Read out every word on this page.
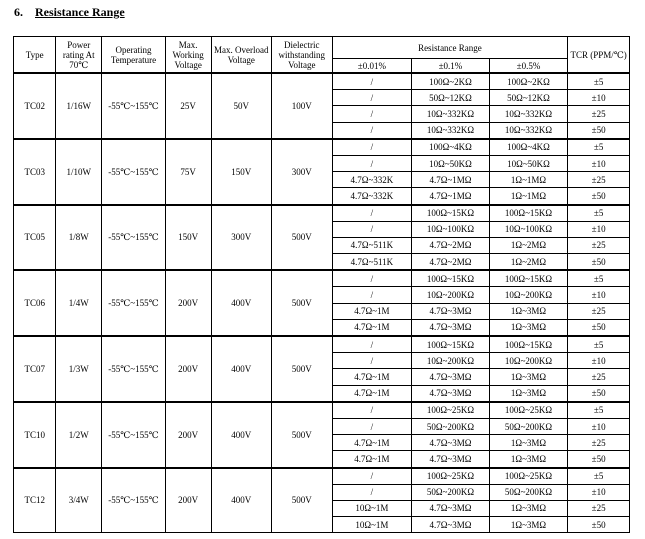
6. Resistance Range
Type	Power rating At 70℃	Operating Temperature	Max. Working Voltage	Max. Overload Voltage	Dielectric withstanding Voltage	Resistance Range			TCR (PPM/℃)
						±0.01%	±0.1%	±0.5%	
TC02	1/16W	-55℃~155℃	25V	50V	100V	/	100Ω~2KΩ	100Ω~2KΩ	±5
						/	50Ω~12KΩ	50Ω~12KΩ	±10
						/	10Ω~332KΩ	10Ω~332KΩ	±25
						/	10Ω~332KΩ	10Ω~332KΩ	±50
TC03	1/10W	-55℃~155℃	75V	150V	300V	/	100Ω~4KΩ	100Ω~4KΩ	±5
						/	10Ω~50KΩ	10Ω~50KΩ	±10
						4.7Ω~332K	4.7Ω~1MΩ	1Ω~1MΩ	±25
						4.7Ω~332K	4.7Ω~1MΩ	1Ω~1MΩ	±50
TC05	1/8W	-55℃~155℃	150V	300V	500V	/	100Ω~15KΩ	100Ω~15KΩ	±5
						/	10Ω~100KΩ	10Ω~100KΩ	±10
						4.7Ω~511K	4.7Ω~2MΩ	1Ω~2MΩ	±25
						4.7Ω~511K	4.7Ω~2MΩ	1Ω~2MΩ	±50
TC06	1/4W	-55℃~155℃	200V	400V	500V	/	100Ω~15KΩ	100Ω~15KΩ	±5
						/	10Ω~200KΩ	10Ω~200KΩ	±10
						4.7Ω~1M	4.7Ω~3MΩ	1Ω~3MΩ	±25
						4.7Ω~1M	4.7Ω~3MΩ	1Ω~3MΩ	±50
TC07	1/3W	-55℃~155℃	200V	400V	500V	/	100Ω~15KΩ	100Ω~15KΩ	±5
						/	10Ω~200KΩ	10Ω~200KΩ	±10
						4.7Ω~1M	4.7Ω~3MΩ	1Ω~3MΩ	±25
						4.7Ω~1M	4.7Ω~3MΩ	1Ω~3MΩ	±50
TC10	1/2W	-55℃~155℃	200V	400V	500V	/	100Ω~25KΩ	100Ω~25KΩ	±5
						/	50Ω~200KΩ	50Ω~200KΩ	±10
						4.7Ω~1M	4.7Ω~3MΩ	1Ω~3MΩ	±25
						4.7Ω~1M	4.7Ω~3MΩ	1Ω~3MΩ	±50
TC12	3/4W	-55℃~155℃	200V	400V	500V	/	100Ω~25KΩ	100Ω~25KΩ	±5
						/	50Ω~200KΩ	50Ω~200KΩ	±10
						10Ω~1M	4.7Ω~3MΩ	1Ω~3MΩ	±25
						10Ω~1M	4.7Ω~3MΩ	1Ω~3MΩ	±50
